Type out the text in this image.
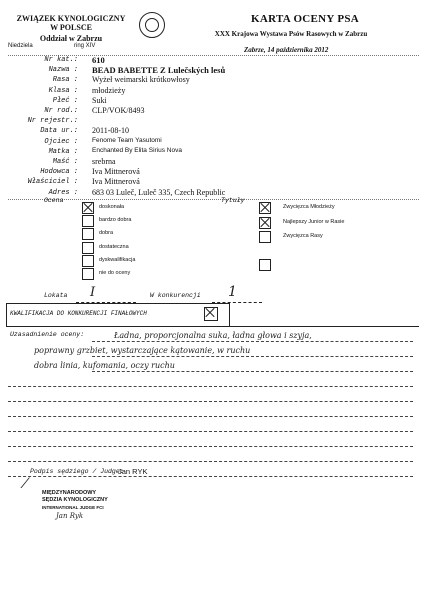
ZWIĄZEK KYNOLOGICZNY
W POLSCE
Oddział w Zabrzu
Niedziela	ring XIV
KARTA OCENY PSA
XXX Krajowa Wystawa Psów Rasowych w Zabrzu
Zabrze, 14 października 2012
Nr kat.: 610
Nazwa : BEAD BABETTE Z Lulečských lesů
Rasa : Wyżeł weimarski krótkowłosy
Klasa : młodzieży
Płeć : Suki
Nr rod.: CLP/VOK/8493
Nr rejestr.:
Data ur.: 2011-08-10
Ojciec : Fenome Team Yasutomi
Matka : Enchanted By Elita Sirius Nova
Maść : srebrna
Hodowca : Iva Mittnerová
Właściciel : Iva Mittnerová
Adres : 683 03 Luleč, Luleč 335, Czech Republic
Ocena
doskonała
bardzo dobra
dobra
dostateczna
dyskwalifikacja
nie do oceny
Tytuły
Zwycięzca Młodzieży
Najlepszy Junior w Rasie
Zwycięzca Rasy
Lokata I	W konkurencji 1
KWALIFIKACJA DO KONKURENCJI FINAŁOWYCH
Uzasadnienie oceny:	Ładna, proporcjonalna suka, ładna głowa i szyja,
poprawny grzbiet, wystarczające kątowanie, w ruchu
dobra linia, kufomania, oczy ruchu
Podpis sędziego / Judge:
Jan RYK
⁄
MIĘDZYNARODOWY
SĘDZIA KYNOLOGICZNY
INTERNATIONAL JUDGE FCI
Jan Ryk
